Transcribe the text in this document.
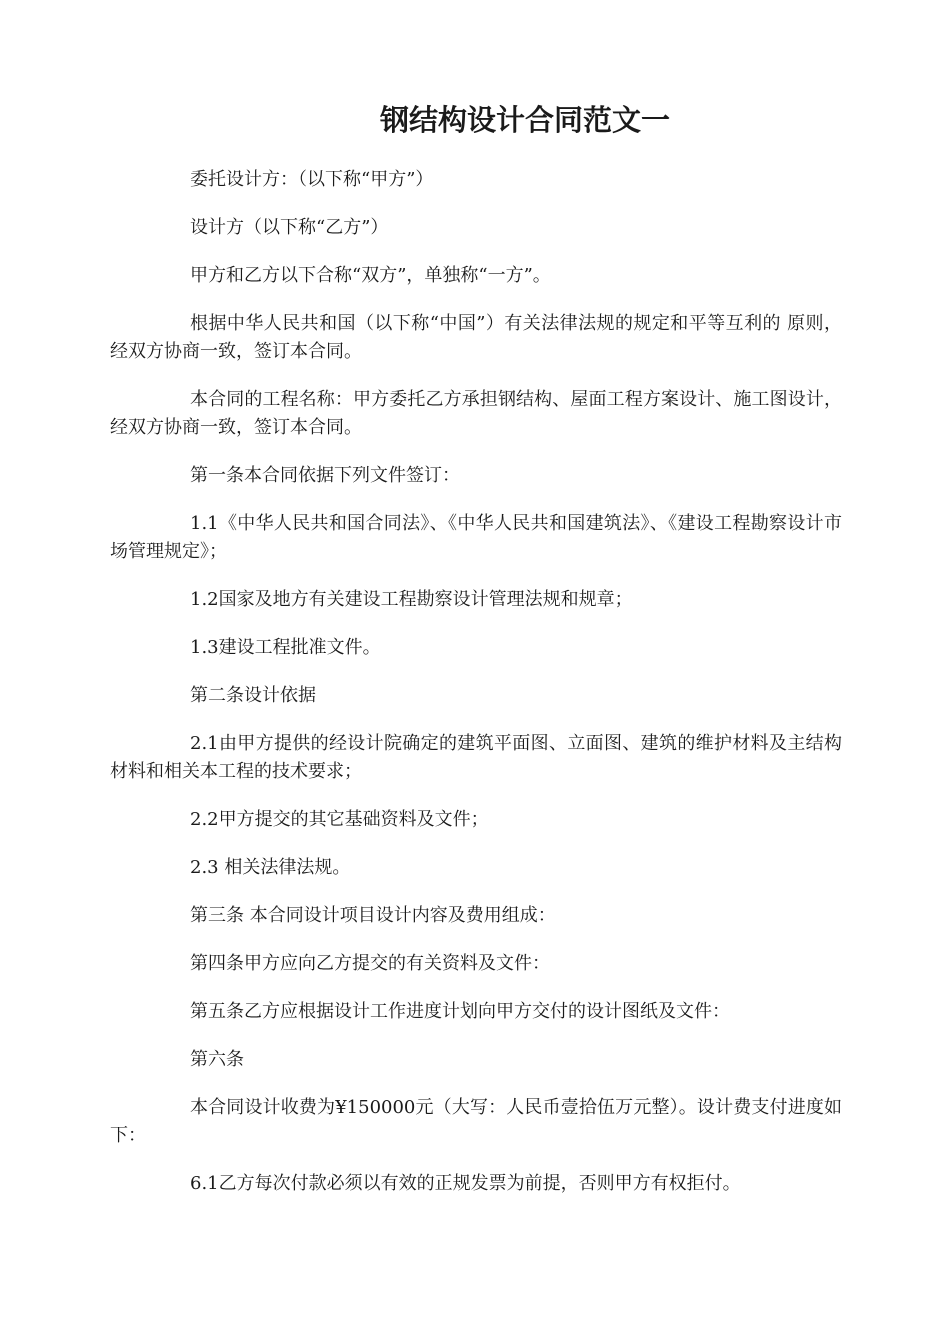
钢结构设计合同范文一

委托设计方：（以下称“甲方”）

设计方（以下称“乙方”）

甲方和乙方以下合称“双方”，单独称“一方”。

根据中华人民共和国（以下称“中国”）有关法律法规的规定和平等互利的 原则，经双方协商一致，签订本合同。

本合同的工程名称：甲方委托乙方承担钢结构、屋面工程方案设计、施工图设计，经双方协商一致，签订本合同。

第一条本合同依据下列文件签订：

1.1《中华人民共和国合同法》、《中华人民共和国建筑法》、《建设工程勘察设计市场管理规定》；

1.2国家及地方有关建设工程勘察设计管理法规和规章；

1.3建设工程批准文件。

第二条设计依据

2.1由甲方提供的经设计院确定的建筑平面图、立面图、建筑的维护材料及主结构材料和相关本工程的技术要求；

2.2甲方提交的其它基础资料及文件；

2.3 相关法律法规。

第三条 本合同设计项目设计内容及费用组成：

第四条甲方应向乙方提交的有关资料及文件：

第五条乙方应根据设计工作进度计划向甲方交付的设计图纸及文件：

第六条

本合同设计收费为¥150000元（大写：人民币壹拾伍万元整）。设计费支付进度如下：

6.1乙方每次付款必须以有效的正规发票为前提，否则甲方有权拒付。
